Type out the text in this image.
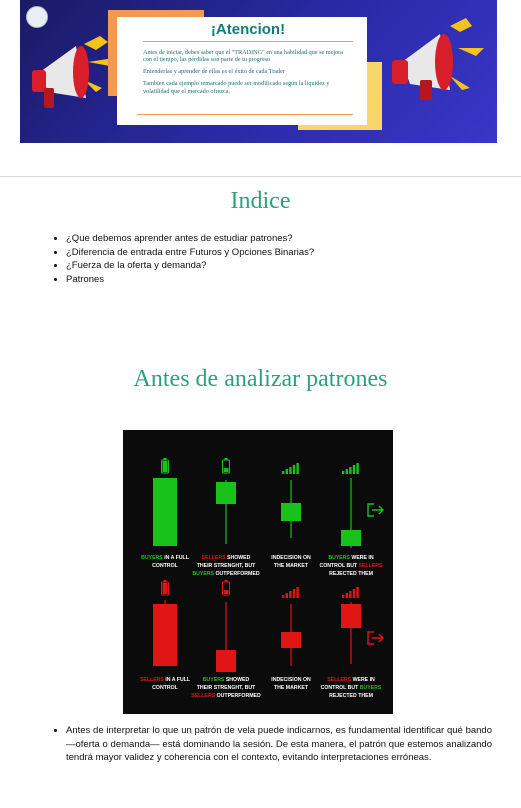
¡Atencion!

Antes de iniciar, debes saber que el "TRADING" en una habilidad que se mejora con el tiempo, las pérdidas son parte de tu progreso

Entenderlas y aprender de ellas es el éxito de cada Trader

Tambien cada ejemplo remarcado puede ser modificado segun la liquidez y volatilidad que el mercado ofrezca.

Indice
• ¿Que debemos aprender antes de estudiar patrones?
• ¿Diferencia de entrada entre Futuros y Opciones Binarias?
• ¿Fuerza de la oferta y demanda?
• Patrones
Antes de analizar patrones
BUYERS IN A FULL
CONTROL
SELLERS SHOWED
THEIR STRENGHT, BUT
BUYERS OUTPERFORMED
INDECISION ON
THE MARKET
BUYERS WERE IN
CONTROL BUT SELLERS
REJECTED THEM
SELLERS IN A FULL
CONTROL
BUYERS SHOWED
THEIR STRENGHT, BUT
SELLERS OUTPERFORMED
INDECISION ON
THE MARKET
SELLERS WERE IN
CONTROL BUT BUYERS
REJECTED THEM
• Antes de interpretar lo que un patrón de vela puede indicarnos, es fundamental identificar qué bando —oferta o demanda— está dominando la sesión. De esta manera, el patrón que estemos analizando tendrá mayor validez y coherencia con el contexto, evitando interpretaciones erróneas.
